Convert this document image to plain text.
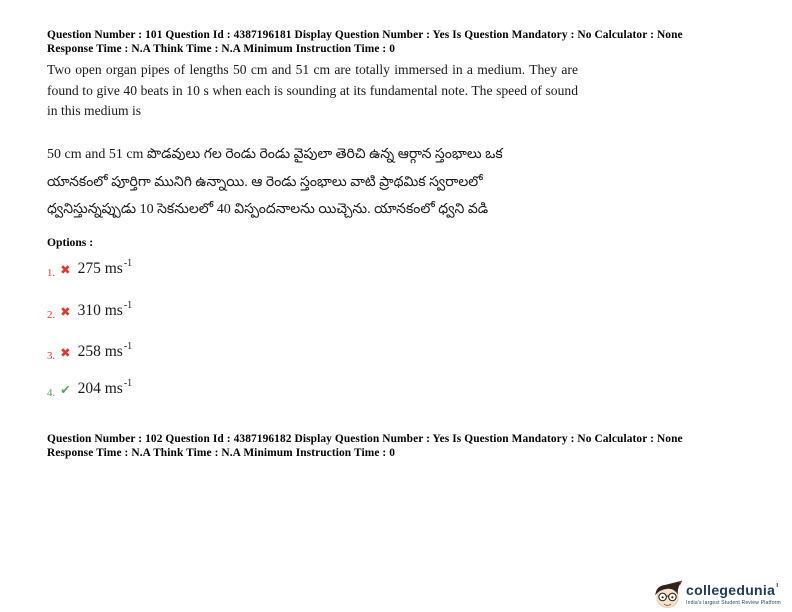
Question Number : 101 Question Id : 4387196181 Display Question Number : Yes Is Question Mandatory : No Calculator : None
Response Time : N.A Think Time : N.A Minimum Instruction Time : 0
Two open organ pipes of lengths 50 cm and 51 cm are totally immersed in a medium. They are found to give 40 beats in 10 s when each is sounding at its fundamental note. The speed of sound in this medium is
50 cm and 51 cm పొడవులు గల రెండు రెండు వైపులా తెరిచి ఉన్న ఆర్గాన స్తంభాలు ఒక
యానకంలో పూర్తిగా మునిగి ఉన్నాయి. ఆ రెండు స్తంభాలు వాటి ప్రాథమిక స్వరాలలో
ధ్వనిస్తున్నప్పుడు 10 సెకనులలో 40 విస్పందనాలను యిచ్చెను. యానకంలో ధ్వని వడి
Options :
1. ✖ 275 $ms^{-1}$
2. ✖ 310 $ms^{-1}$
3. ✖ 258 $ms^{-1}$
4. ✔ 204 $ms^{-1}$
Question Number : 102 Question Id : 4387196182 Display Question Number : Yes Is Question Mandatory : No Calculator : None
Response Time : N.A Think Time : N.A Minimum Instruction Time : 0
collegedunia$^ı$
India's largest Student Review Platform
